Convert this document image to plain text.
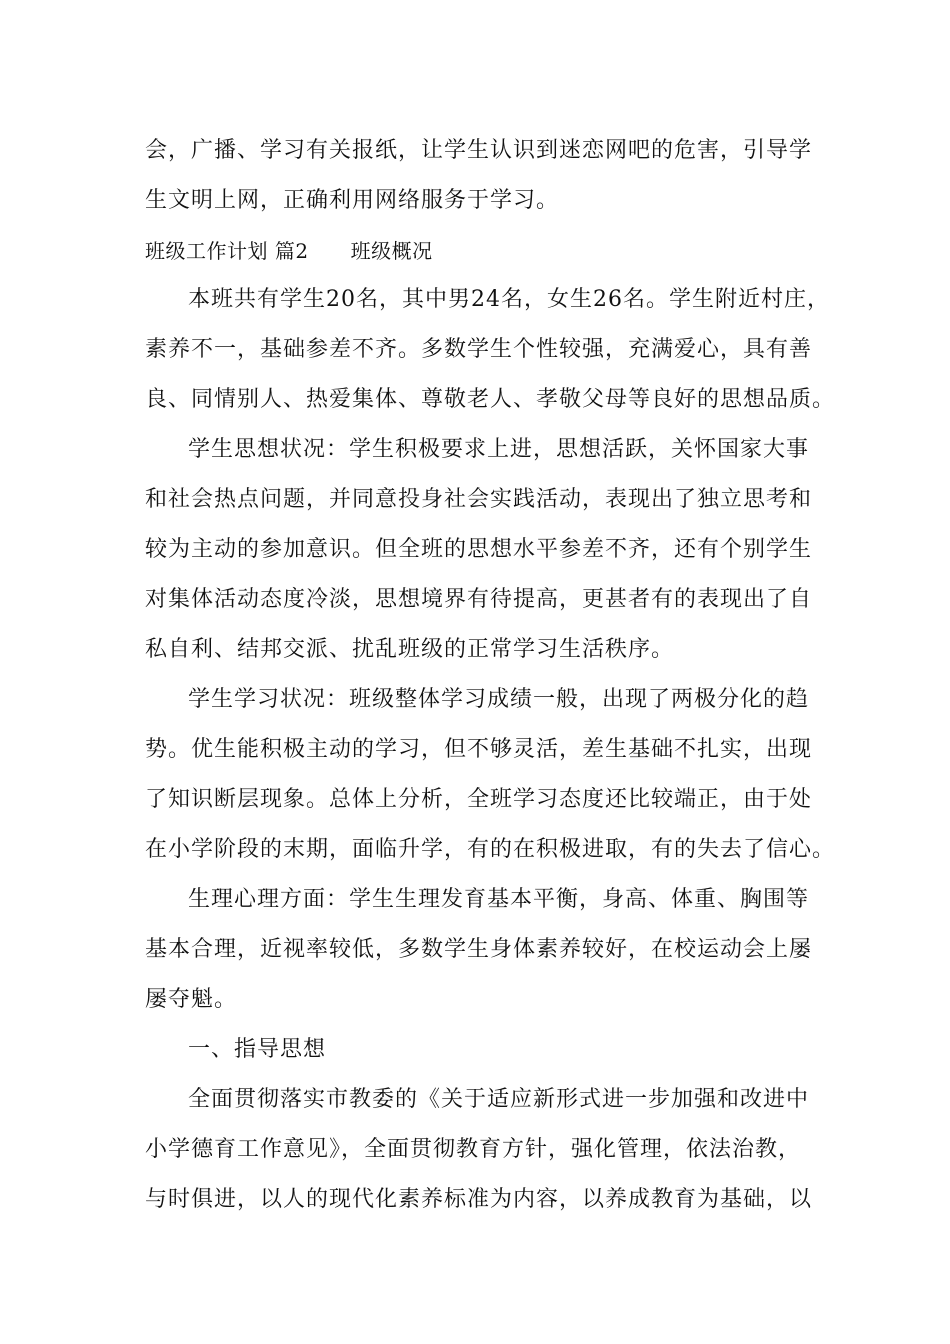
会，广播、学习有关报纸，让学生认识到迷恋网吧的危害，引导学
生文明上网，正确利用网络服务于学习。
班级工作计划 篇2 班级概况
本班共有学生20名，其中男24名，女生26名。学生附近村庄，
素养不一，基础参差不齐。多数学生个性较强，充满爱心，具有善
良、同情别人、热爱集体、尊敬老人、孝敬父母等良好的思想品质。
学生思想状况：学生积极要求上进，思想活跃，关怀国家大事
和社会热点问题，并同意投身社会实践活动，表现出了独立思考和
较为主动的参加意识。但全班的思想水平参差不齐，还有个别学生
对集体活动态度冷淡，思想境界有待提高，更甚者有的表现出了自
私自利、结邦交派、扰乱班级的正常学习生活秩序。
学生学习状况：班级整体学习成绩一般，出现了两极分化的趋
势。优生能积极主动的学习，但不够灵活，差生基础不扎实，出现
了知识断层现象。总体上分析，全班学习态度还比较端正，由于处
在小学阶段的末期，面临升学，有的在积极进取，有的失去了信心。
生理心理方面：学生生理发育基本平衡，身高、体重、胸围等
基本合理，近视率较低，多数学生身体素养较好，在校运动会上屡
屡夺魁。
一、指导思想
全面贯彻落实市教委的《关于适应新形式进一步加强和改进中
小学德育工作意见》，全面贯彻教育方针，强化管理，依法治教，
与时俱进，以人的现代化素养标准为内容，以养成教育为基础，以
